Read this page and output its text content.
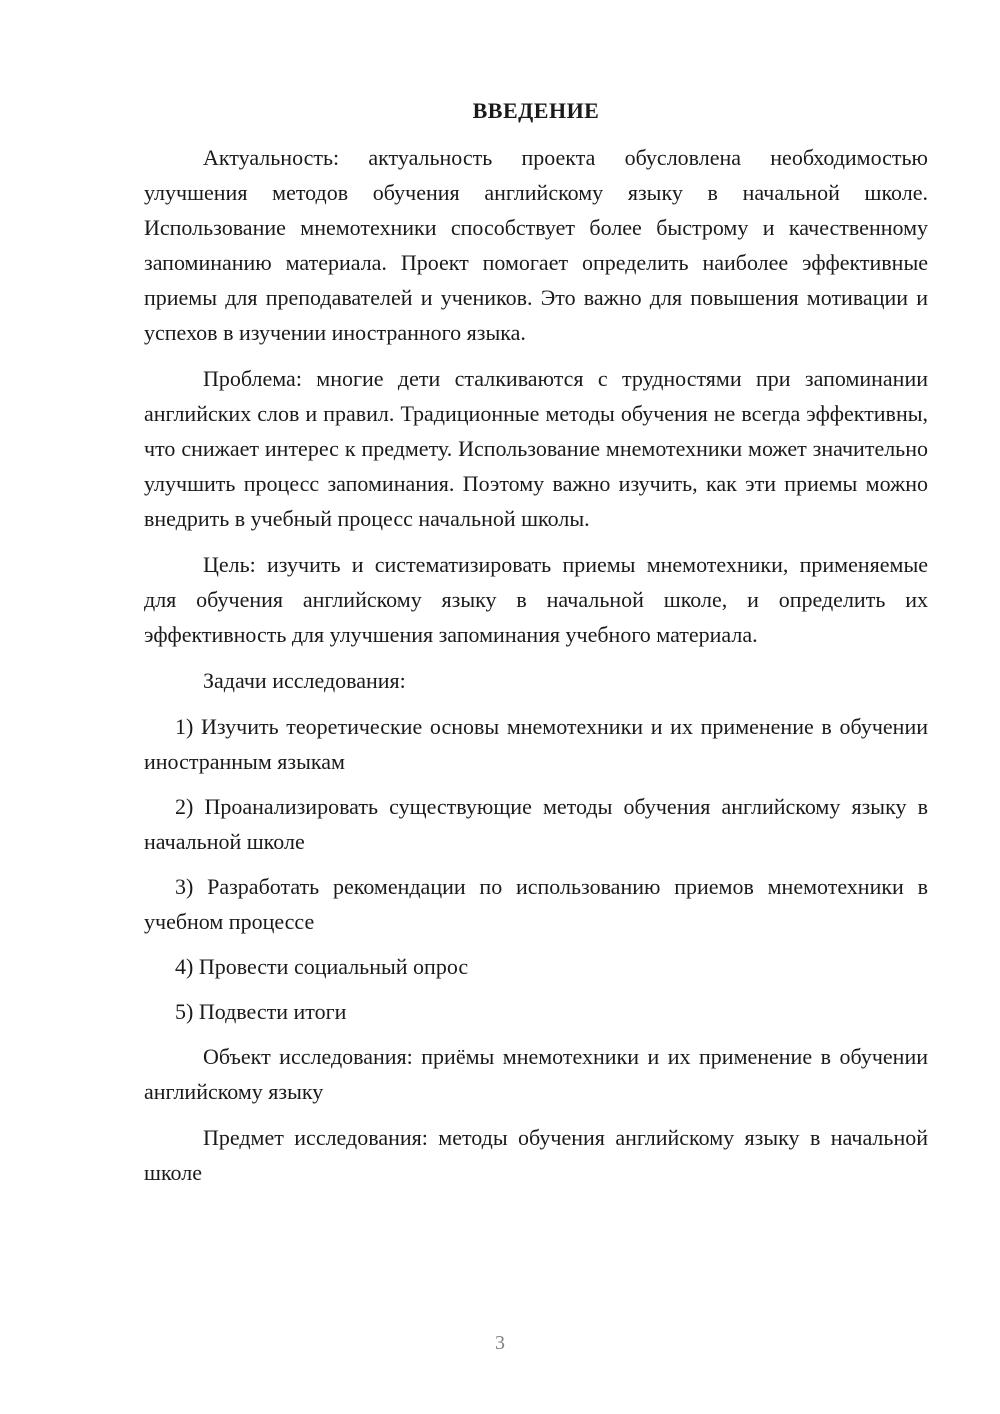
ВВЕДЕНИЕ

Актуальность: актуальность проекта обусловлена необходимостью улучшения методов обучения английскому языку в начальной школе. Использование мнемотехники способствует более быстрому и качественному запоминанию материала. Проект помогает определить наиболее эффективные приемы для преподавателей и учеников. Это важно для повышения мотивации и успехов в изучении иностранного языка.

Проблема: многие дети сталкиваются с трудностями при запоминании английских слов и правил. Традиционные методы обучения не всегда эффективны, что снижает интерес к предмету. Использование мнемотехники может значительно улучшить процесс запоминания. Поэтому важно изучить, как эти приемы можно внедрить в учебный процесс начальной школы.

Цель: изучить и систематизировать приемы мнемотехники, применяемые для обучения английскому языку в начальной школе, и определить их эффективность для улучшения запоминания учебного материала.

Задачи исследования:

1) Изучить теоретические основы мнемотехники и их применение в обучении иностранным языкам

2) Проанализировать существующие методы обучения английскому языку в начальной школе

3) Разработать рекомендации по использованию приемов мнемотехники в учебном процессе

4) Провести социальный опрос

5) Подвести итоги

Объект исследования: приёмы мнемотехники и их применение в обучении английскому языку

Предмет исследования: методы обучения английскому языку в начальной школе

3
